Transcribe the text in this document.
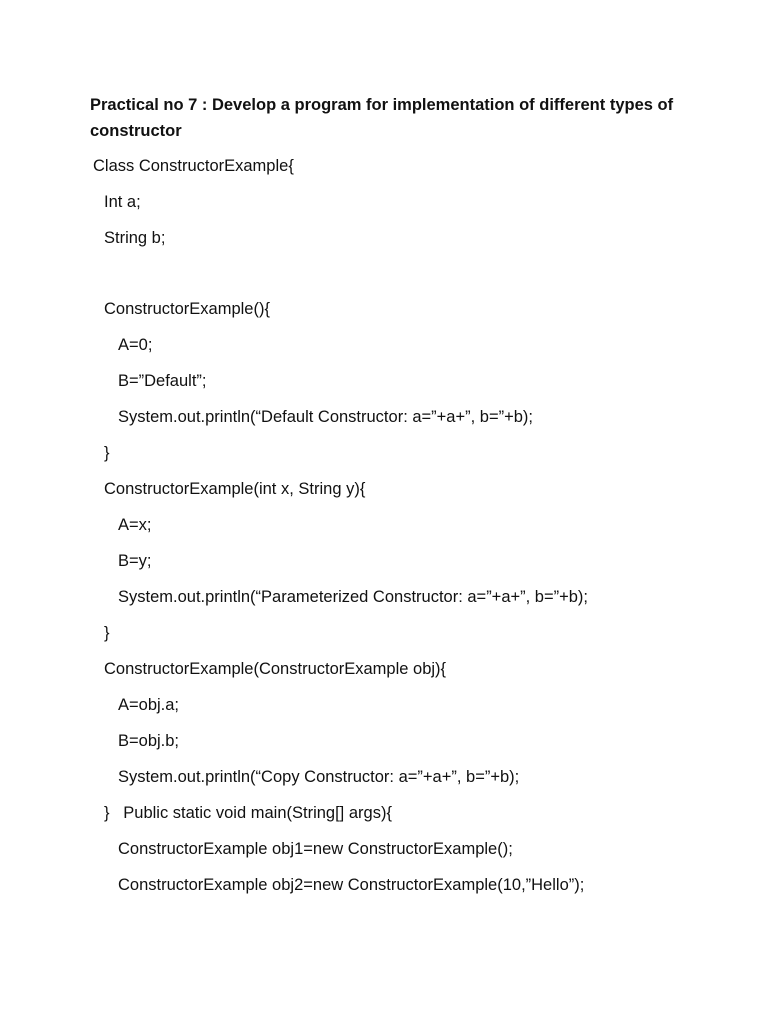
Practical no 7 : Develop a program for implementation of different types of constructor
Class ConstructorExample{
Int a;
String b;
ConstructorExample(){
A=0;
B=”Default”;
System.out.println(“Default Constructor: a=”+a+”, b=”+b);
}
ConstructorExample(int x, String y){
A=x;
B=y;
System.out.println(“Parameterized Constructor: a=”+a+”, b=”+b);
}
ConstructorExample(ConstructorExample obj){
A=obj.a;
B=obj.b;
System.out.println(“Copy Constructor: a=”+a+”, b=”+b);
}   Public static void main(String[] args){
ConstructorExample obj1=new ConstructorExample();
ConstructorExample obj2=new ConstructorExample(10,”Hello”);
